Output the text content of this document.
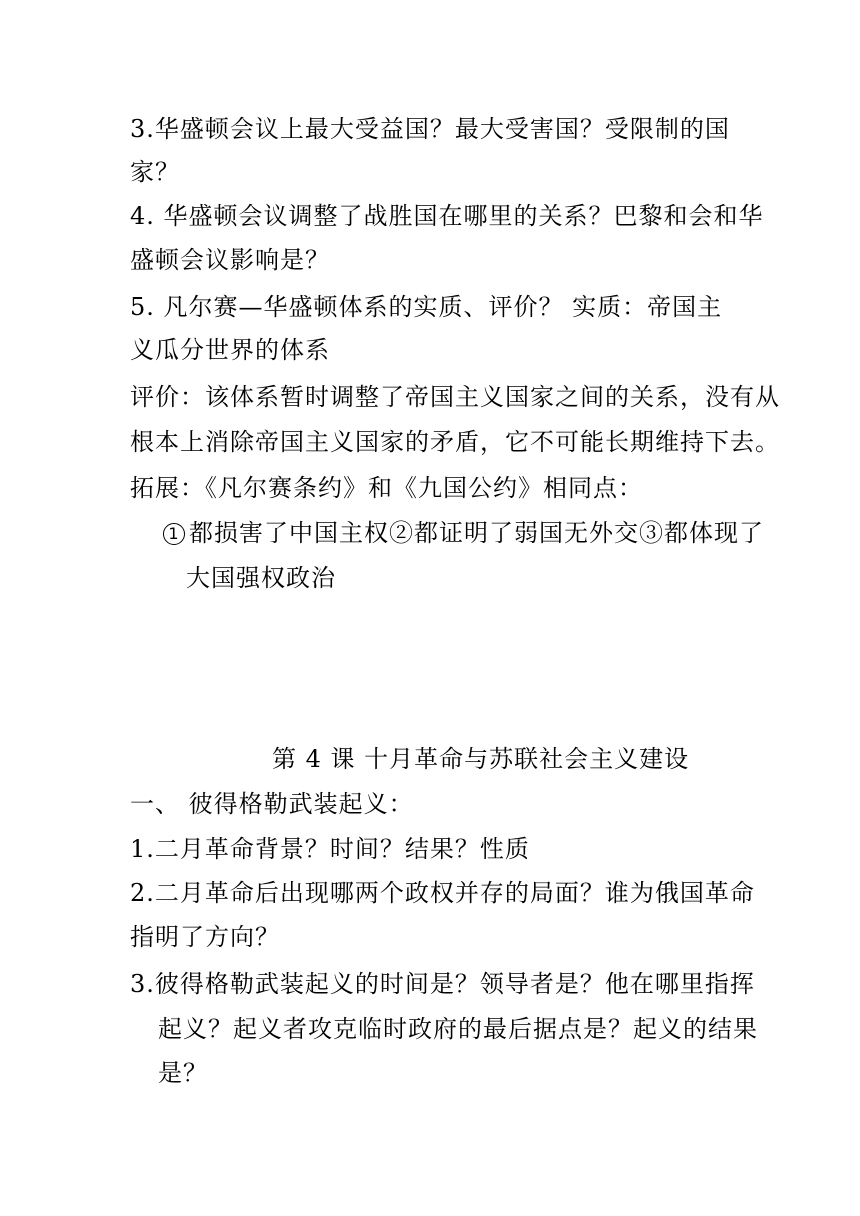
3.华盛顿会议上最大受益国？最大受害国？受限制的国
家？
4. 华盛顿会议调整了战胜国在哪里的关系？巴黎和会和华
盛顿会议影响是？
5. 凡尔赛—华盛顿体系的实质、评价？ 实质：帝国主
义瓜分世界的体系
评价：该体系暂时调整了帝国主义国家之间的关系，没有从
根本上消除帝国主义国家的矛盾，它不可能长期维持下去。
拓展：《凡尔赛条约》和《九国公约》相同点：
1 都损害了中国主权②都证明了弱国无外交③都体现了
大国强权政治
第 4 课 十月革命与苏联社会主义建设
一、 彼得格勒武装起义：
1.二月革命背景？时间？结果？性质
2.二月革命后出现哪两个政权并存的局面？谁为俄国革命
指明了方向？
3.彼得格勒武装起义的时间是？领导者是？他在哪里指挥
起义？起义者攻克临时政府的最后据点是？起义的结果
是？
